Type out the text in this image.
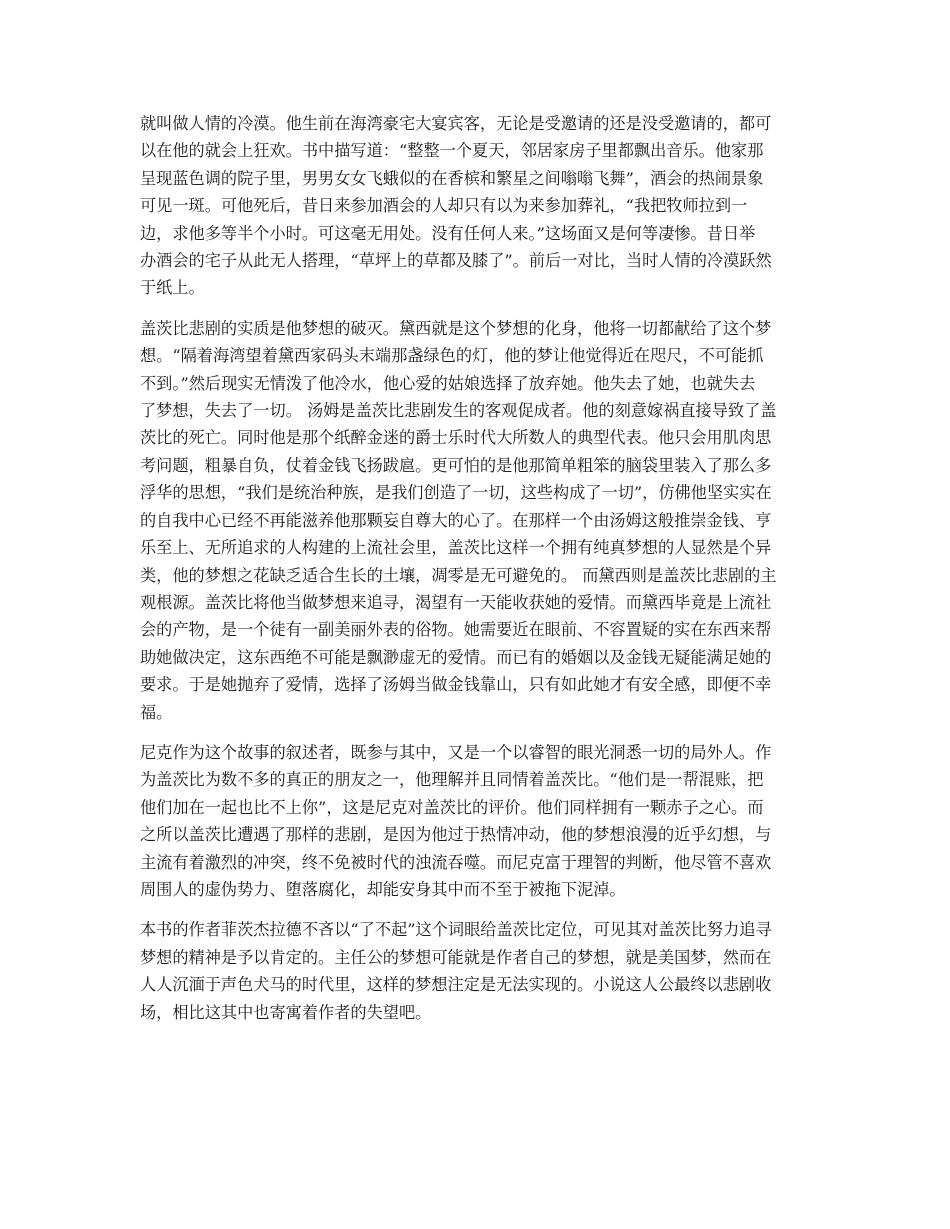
就叫做人情的冷漠。他生前在海湾豪宅大宴宾客，无论是受邀请的还是没受邀请的，都可
以在他的就会上狂欢。书中描写道：“整整一个夏天，邻居家房子里都飘出音乐。他家那
呈现蓝色调的院子里，男男女女飞蛾似的在香槟和繁星之间嗡嗡飞舞”，酒会的热闹景象
可见一斑。可他死后，昔日来参加酒会的人却只有以为来参加葬礼，“我把牧师拉到一
边，求他多等半个小时。可这毫无用处。没有任何人来。”这场面又是何等凄惨。昔日举
办酒会的宅子从此无人搭理，“草坪上的草都及膝了”。前后一对比，当时人情的冷漠跃然
于纸上。

盖茨比悲剧的实质是他梦想的破灭。黛西就是这个梦想的化身，他将一切都献给了这个梦
想。“隔着海湾望着黛西家码头末端那盏绿色的灯，他的梦让他觉得近在咫尺，不可能抓
不到。”然后现实无情泼了他冷水，他心爱的姑娘选择了放弃她。他失去了她，也就失去
了梦想，失去了一切。 汤姆是盖茨比悲剧发生的客观促成者。他的刻意嫁祸直接导致了盖
茨比的死亡。同时他是那个纸醉金迷的爵士乐时代大所数人的典型代表。他只会用肌肉思
考问题，粗暴自负，仗着金钱飞扬跋扈。更可怕的是他那简单粗笨的脑袋里装入了那么多
浮华的思想，“我们是统治种族，是我们创造了一切，这些构成了一切”，仿佛他坚实实在
的自我中心已经不再能滋养他那颗妄自尊大的心了。在那样一个由汤姆这般推崇金钱、亨
乐至上、无所追求的人构建的上流社会里，盖茨比这样一个拥有纯真梦想的人显然是个异
类，他的梦想之花缺乏适合生长的土壤，凋零是无可避免的。 而黛西则是盖茨比悲剧的主
观根源。盖茨比将他当做梦想来追寻，渴望有一天能收获她的爱情。而黛西毕竟是上流社
会的产物，是一个徒有一副美丽外表的俗物。她需要近在眼前、不容置疑的实在东西来帮
助她做决定，这东西绝不可能是飘渺虚无的爱情。而已有的婚姻以及金钱无疑能满足她的
要求。于是她抛弃了爱情，选择了汤姆当做金钱靠山，只有如此她才有安全感，即便不幸
福。

尼克作为这个故事的叙述者，既参与其中，又是一个以睿智的眼光洞悉一切的局外人。作
为盖茨比为数不多的真正的朋友之一，他理解并且同情着盖茨比。“他们是一帮混账，把
他们加在一起也比不上你”，这是尼克对盖茨比的评价。他们同样拥有一颗赤子之心。而
之所以盖茨比遭遇了那样的悲剧，是因为他过于热情冲动，他的梦想浪漫的近乎幻想，与
主流有着激烈的冲突，终不免被时代的浊流吞噬。而尼克富于理智的判断，他尽管不喜欢
周围人的虚伪势力、堕落腐化，却能安身其中而不至于被拖下泥淖。

本书的作者菲茨杰拉德不吝以“了不起”这个词眼给盖茨比定位，可见其对盖茨比努力追寻
梦想的精神是予以肯定的。主任公的梦想可能就是作者自己的梦想，就是美国梦，然而在
人人沉湎于声色犬马的时代里，这样的梦想注定是无法实现的。小说这人公最终以悲剧收
场，相比这其中也寄寓着作者的失望吧。
